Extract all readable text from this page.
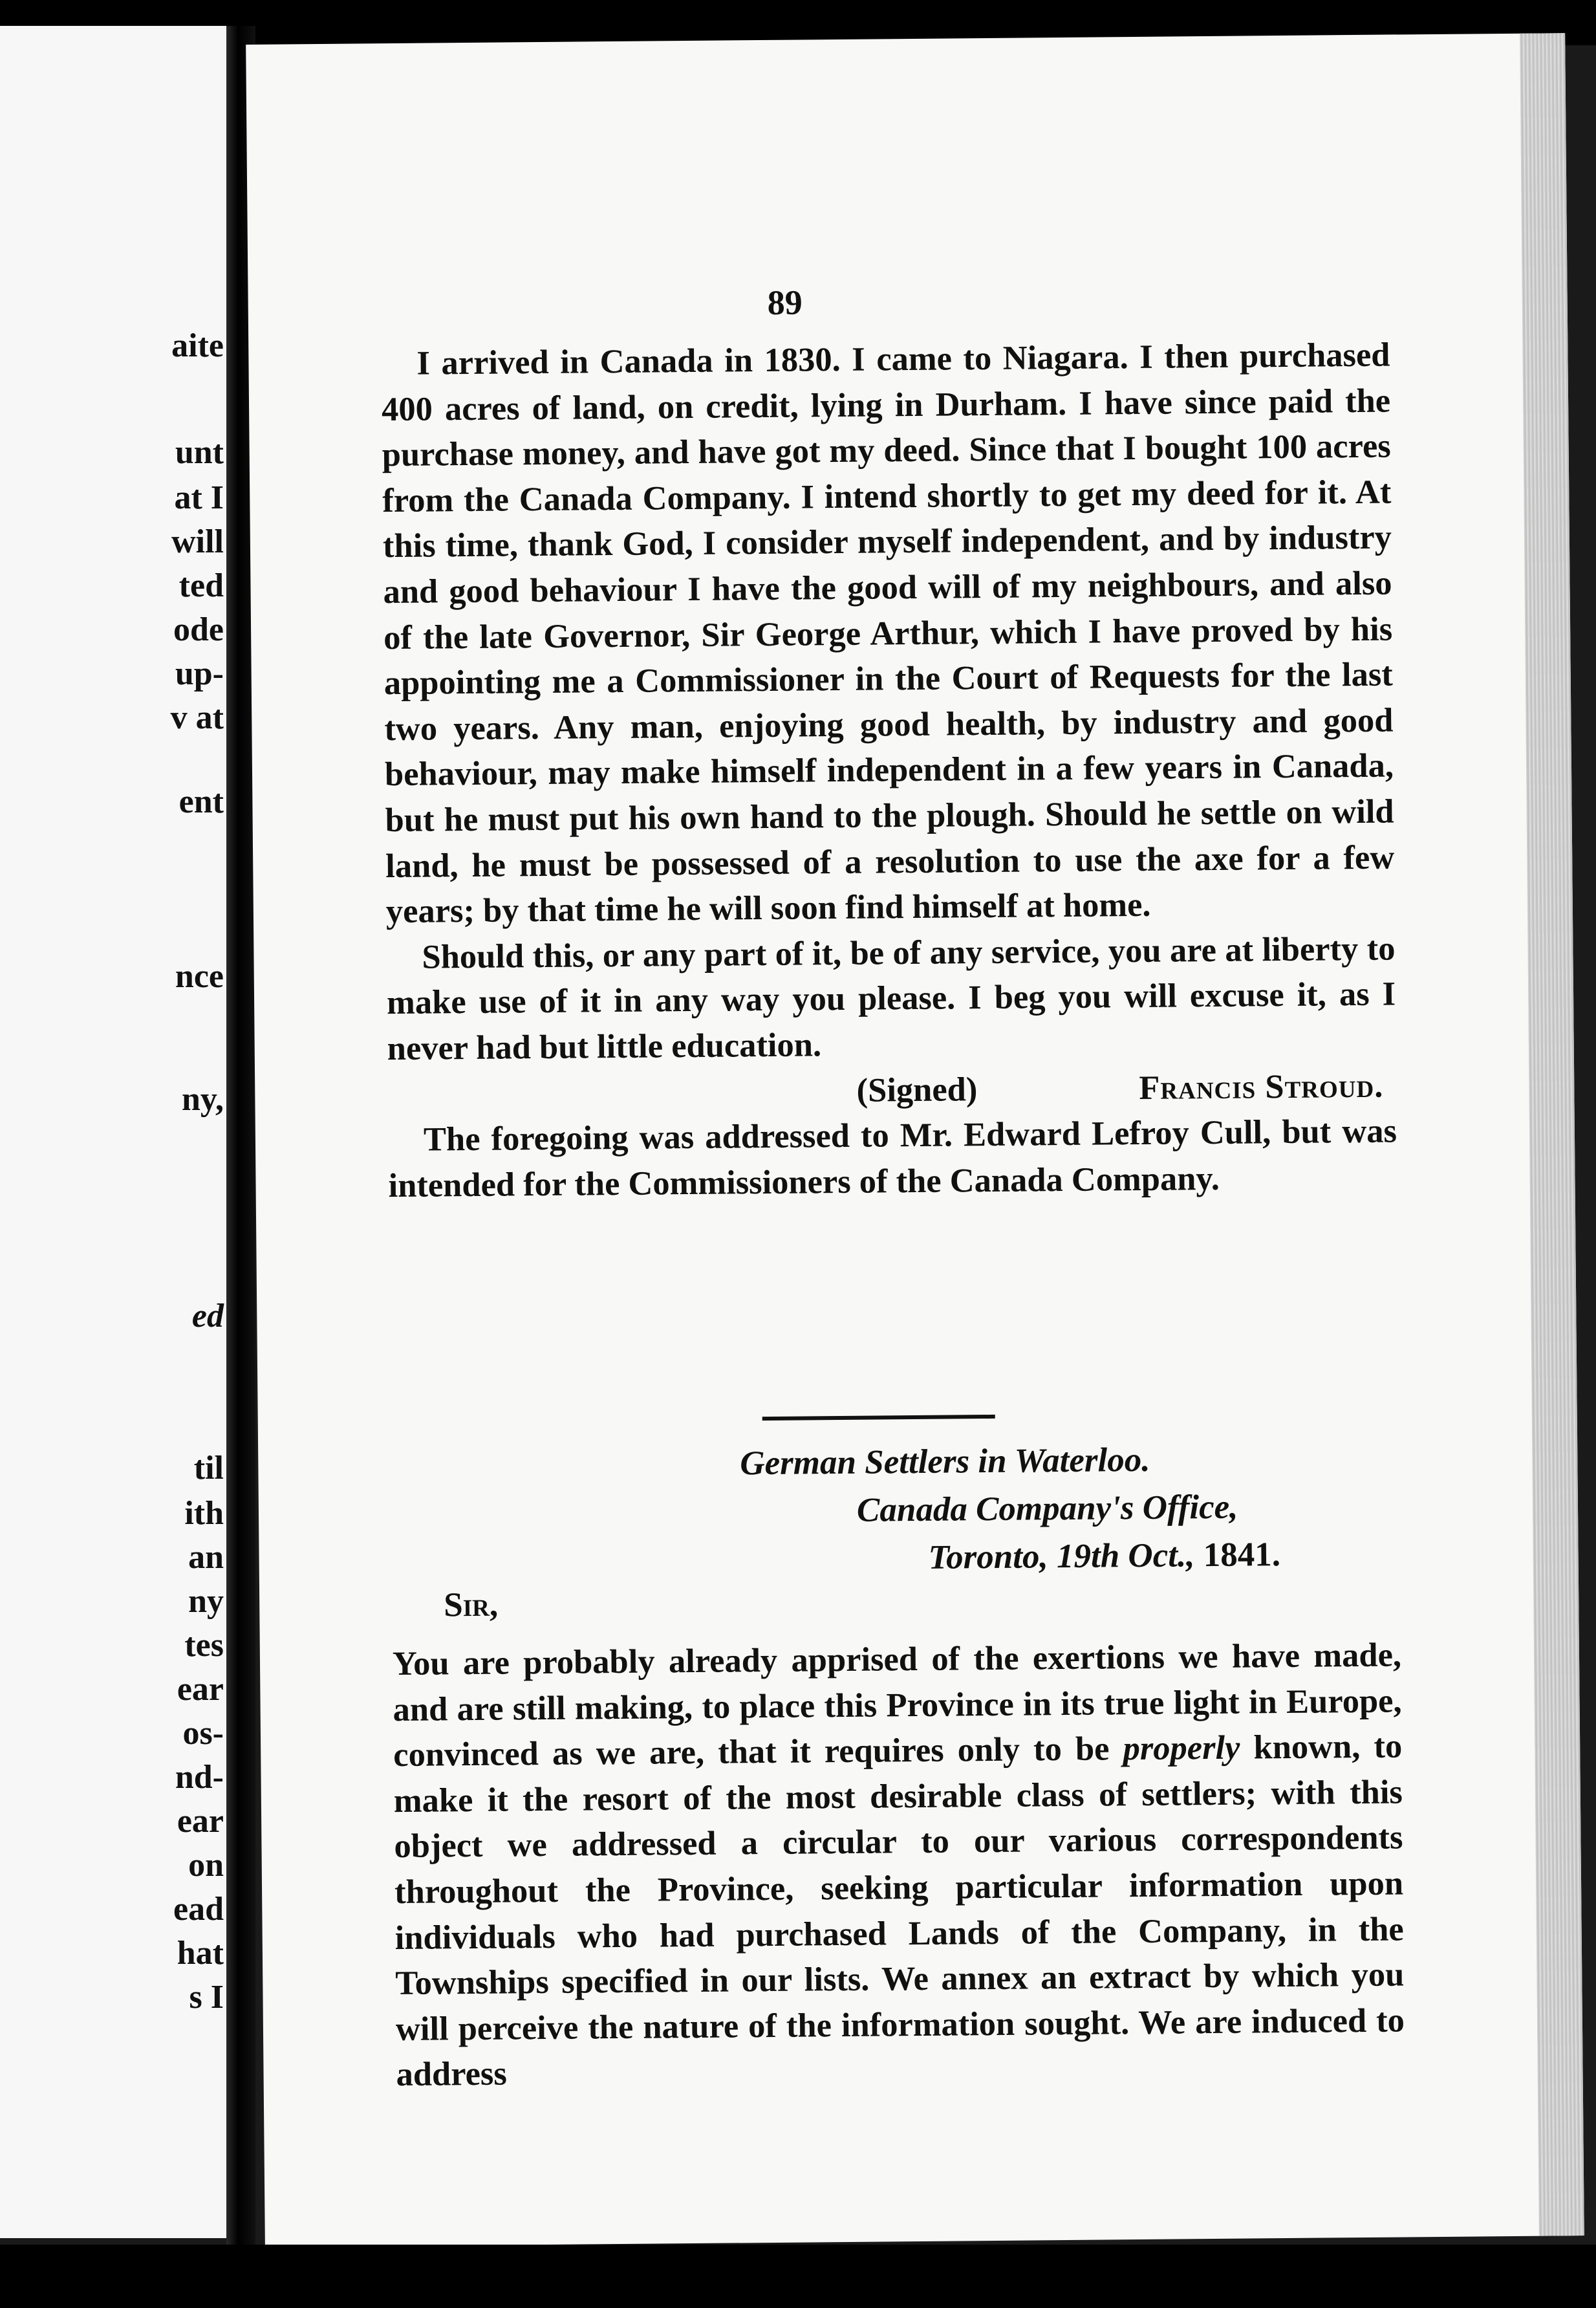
aite
unt
at I
will
ted
ode
up-
v at
ent
nce
ny,
ed
til
ith
an
ny
tes
ear
os-
nd-
ear
on
ead
hat
s I
89

I arrived in Canada in 1830. I came to Niagara. I then purchased 400 acres of land, on credit, lying in Durham. I have since paid the purchase money, and have got my deed. Since that I bought 100 acres from the Canada Company. I intend shortly to get my deed for it. At this time, thank God, I consider myself independent, and by industry and good behaviour I have the good will of my neighbours, and also of the late Governor, Sir George Arthur, which I have proved by his appointing me a Commissioner in the Court of Requests for the last two years. Any man, enjoying good health, by industry and good behaviour, may make himself independent in a few years in Canada, but he must put his own hand to the plough. Should he settle on wild land, he must be possessed of a resolution to use the axe for a few years; by that time he will soon find himself at home.

Should this, or any part of it, be of any service, you are at liberty to make use of it in any way you please. I beg you will excuse it, as I never had but little education.

(Signed)	Francis Stroud.

The foregoing was addressed to Mr. Edward Lefroy Cull, but was intended for the Commissioners of the Canada Company.

German Settlers in Waterloo.
Canada Company's Office,
Toronto, 19th Oct., 1841.
Sir,

You are probably already apprised of the exertions we have made, and are still making, to place this Province in its true light in Europe, convinced as we are, that it requires only to be properly known, to make it the resort of the most desirable class of settlers; with this object we addressed a circular to our various correspondents throughout the Province, seeking particular information upon individuals who had purchased Lands of the Company, in the Townships specified in our lists. We annex an extract by which you will perceive the nature of the information sought. We are induced to address
